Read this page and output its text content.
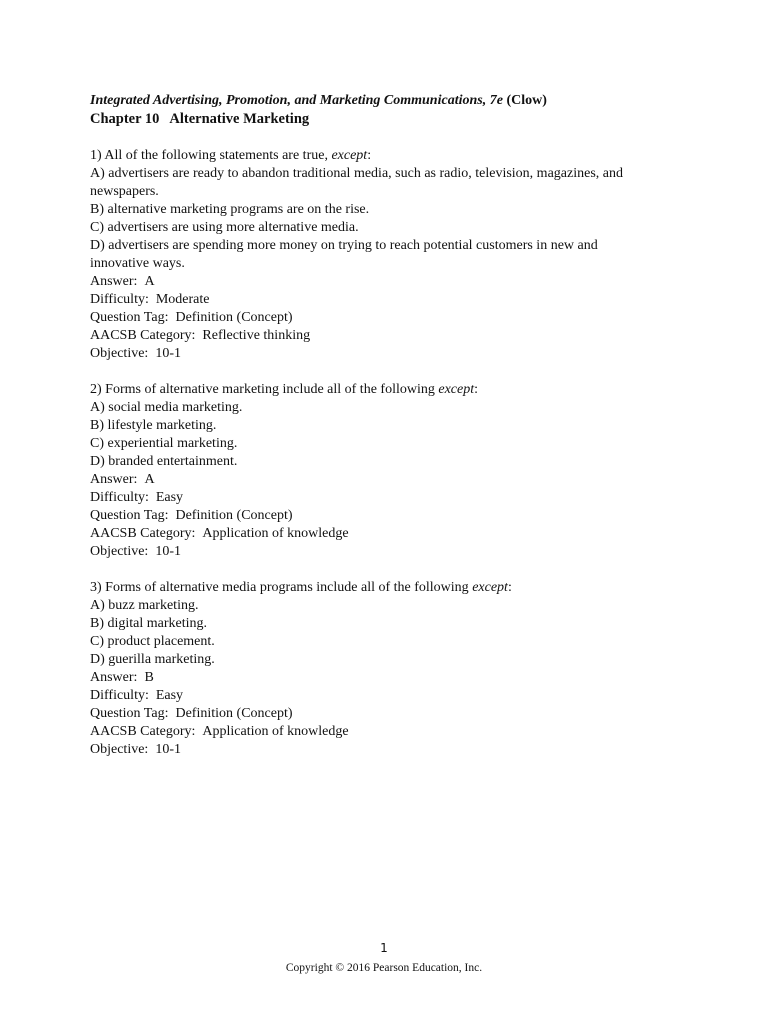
Integrated Advertising, Promotion, and Marketing Communications, 7e (Clow)
Chapter 10 Alternative Marketing
1) All of the following statements are true, except:
A) advertisers are ready to abandon traditional media, such as radio, television, magazines, and
newspapers.
B) alternative marketing programs are on the rise.
C) advertisers are using more alternative media.
D) advertisers are spending more money on trying to reach potential customers in new and
innovative ways.
Answer: A
Difficulty: Moderate
Question Tag: Definition (Concept)
AACSB Category: Reflective thinking
Objective: 10-1
2) Forms of alternative marketing include all of the following except:
A) social media marketing.
B) lifestyle marketing.
C) experiential marketing.
D) branded entertainment.
Answer: A
Difficulty: Easy
Question Tag: Definition (Concept)
AACSB Category: Application of knowledge
Objective: 10-1
3) Forms of alternative media programs include all of the following except:
A) buzz marketing.
B) digital marketing.
C) product placement.
D) guerilla marketing.
Answer: B
Difficulty: Easy
Question Tag: Definition (Concept)
AACSB Category: Application of knowledge
Objective: 10-1
1
Copyright © 2016 Pearson Education, Inc.
